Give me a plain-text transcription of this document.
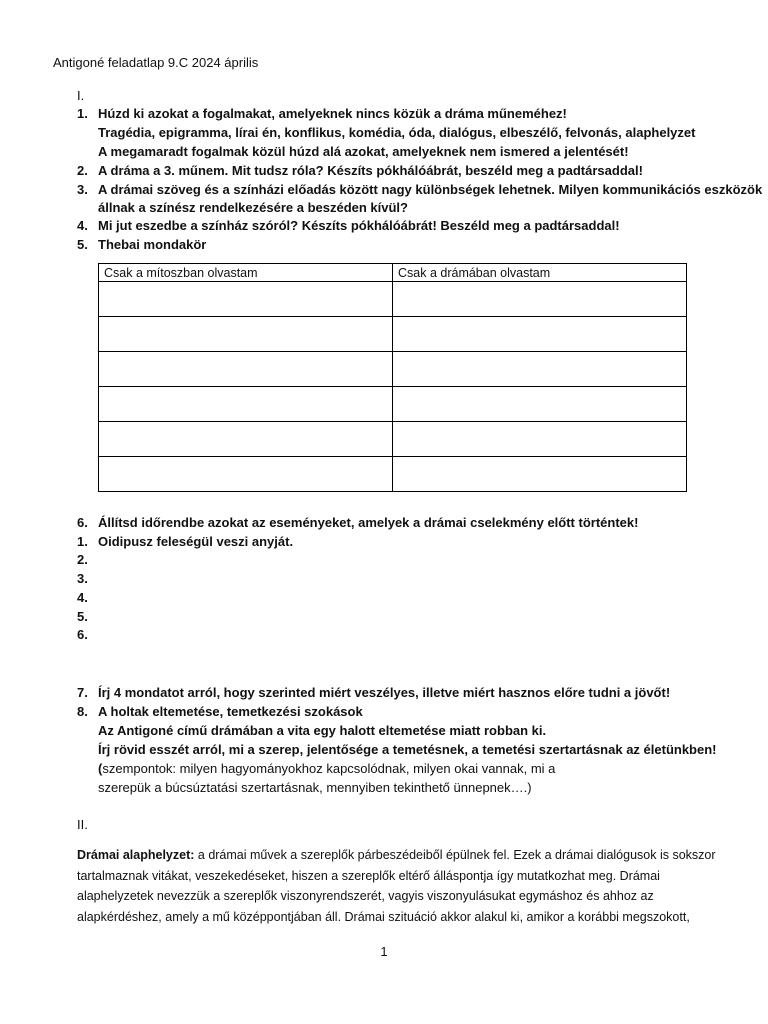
Antigoné feladatlap 9.C 2024 április
I.
1. Húzd ki azokat a fogalmakat, amelyeknek nincs közük a dráma műneméhez!
Tragédia, epigramma, lírai én, konflikus, komédia, óda, dialógus, elbeszélő, felvonás, alaphelyzet
A megamaradt fogalmak közül húzd alá azokat, amelyeknek nem ismered a jelentését!
2. A dráma a 3. műnem. Mit tudsz róla? Készíts pókhálóábrát, beszéld meg a padtársaddal!
3. A drámai szöveg és a színházi előadás között nagy különbségek lehetnek. Milyen kommunikációs eszközök
állnak a színész rendelkezésére a beszéden kívül?
4. Mi jut eszedbe a színház szóról? Készíts pókhálóábrát! Beszéld meg a padtársaddal!
5. Thebai mondakör
Csak a mítoszban olvastam	Csak a drámában olvastam

6. Állítsd időrendbe azokat az eseményeket, amelyek a drámai cselekmény előtt történtek!
1. Oidipusz feleségül veszi anyját.
2.
3.
4.
5.
6.
7. Írj 4 mondatot arról, hogy szerinted miért veszélyes, illetve miért hasznos előre tudni a jövőt!
8. A holtak eltemetése, temetkezési szokások
Az Antigoné című drámában a vita egy halott eltemetése miatt robban ki.
Írj rövid esszét arról, mi a szerep, jelentősége a temetésnek, a temetési szertartásnak az életünkben!
(szempontok: milyen hagyományokhoz kapcsolódnak, milyen okai vannak, mi a
szerepük a búcsúztatási szertartásnak, mennyiben tekinthető ünnepnek….)
II.
Drámai alaphelyzet: a drámai művek a szereplők párbeszédeiből épülnek fel. Ezek a drámai dialógusok is sokszor
tartalmaznak vitákat, veszekedéseket, hiszen a szereplők eltérő álláspontja így mutatkozhat meg. Drámai
alaphelyzetek nevezzük a szereplők viszonyrendszerét, vagyis viszonyulásukat egymáshoz és ahhoz az
alapkérdéshez, amely a mű középpontjában áll. Drámai szituáció akkor alakul ki, amikor a korábbi megszokott,
1
